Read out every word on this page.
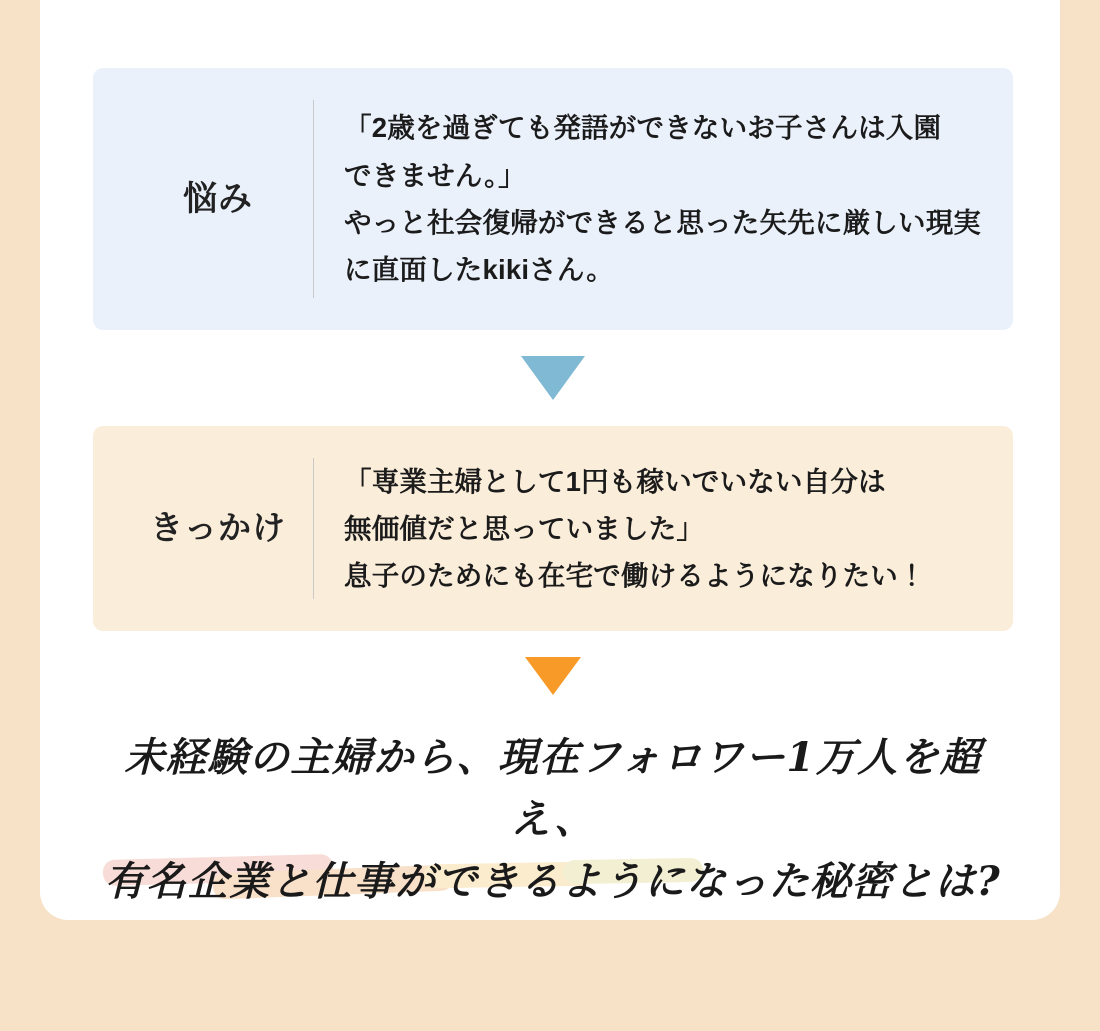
悩み
「2歳を過ぎても発語ができないお子さんは入園
できません。」
やっと社会復帰ができると思った矢先に厳しい現実
に直面したkikiさん。
きっかけ
「専業主婦として1円も稼いでいない自分は
無価値だと思っていました」
息子のためにも在宅で働けるようになりたい！
未経験の主婦から、現在フォロワー1万人を超え、
有名企業と仕事ができるようになった秘密とは?
